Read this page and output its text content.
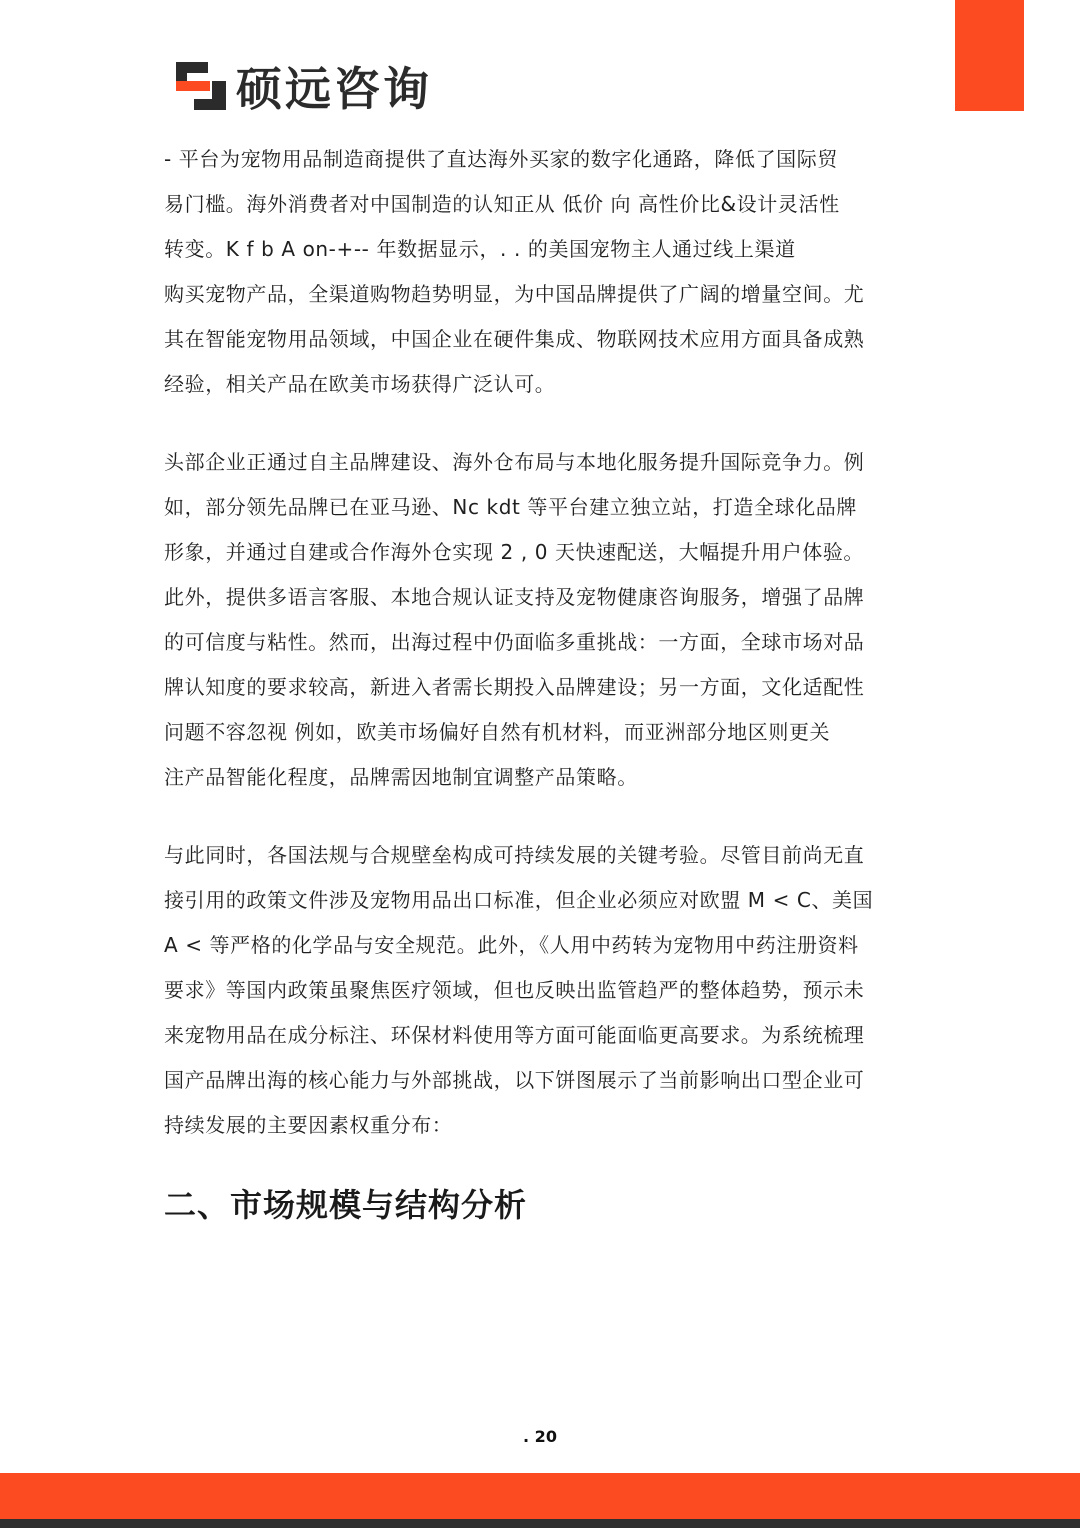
硕远咨询

- 平台为宠物用品制造商提供了直达海外买家的数字化通路，降低了国际贸
易门槛。海外消费者对中国制造的认知正从 低价 向 高性价比&设计灵活性
转变。K f b A on-+-- 年数据显示，. . 的美国宠物主人通过线上渠道
购买宠物产品，全渠道购物趋势明显，为中国品牌提供了广阔的增量空间。尤
其在智能宠物用品领域，中国企业在硬件集成、物联网技术应用方面具备成熟
经验，相关产品在欧美市场获得广泛认可。

头部企业正通过自主品牌建设、海外仓布局与本地化服务提升国际竞争力。例
如，部分领先品牌已在亚马逊、Nc kdt 等平台建立独立站，打造全球化品牌
形象，并通过自建或合作海外仓实现 2 , 0 天快速配送，大幅提升用户体验。
此外，提供多语言客服、本地合规认证支持及宠物健康咨询服务，增强了品牌
的可信度与粘性。然而，出海过程中仍面临多重挑战：一方面，全球市场对品
牌认知度的要求较高，新进入者需长期投入品牌建设；另一方面，文化适配性
问题不容忽视 例如，欧美市场偏好自然有机材料，而亚洲部分地区则更关
注产品智能化程度，品牌需因地制宜调整产品策略。

与此同时，各国法规与合规壁垒构成可持续发展的关键考验。尽管目前尚无直
接引用的政策文件涉及宠物用品出口标准，但企业必须应对欧盟 M < C、美国
A < 等严格的化学品与安全规范。此外，《人用中药转为宠物用中药注册资料
要求》等国内政策虽聚焦医疗领域，但也反映出监管趋严的整体趋势，预示未
来宠物用品在成分标注、环保材料使用等方面可能面临更高要求。为系统梳理
国产品牌出海的核心能力与外部挑战，以下饼图展示了当前影响出口型企业可
持续发展的主要因素权重分布：

二、市场规模与结构分析
. 20
